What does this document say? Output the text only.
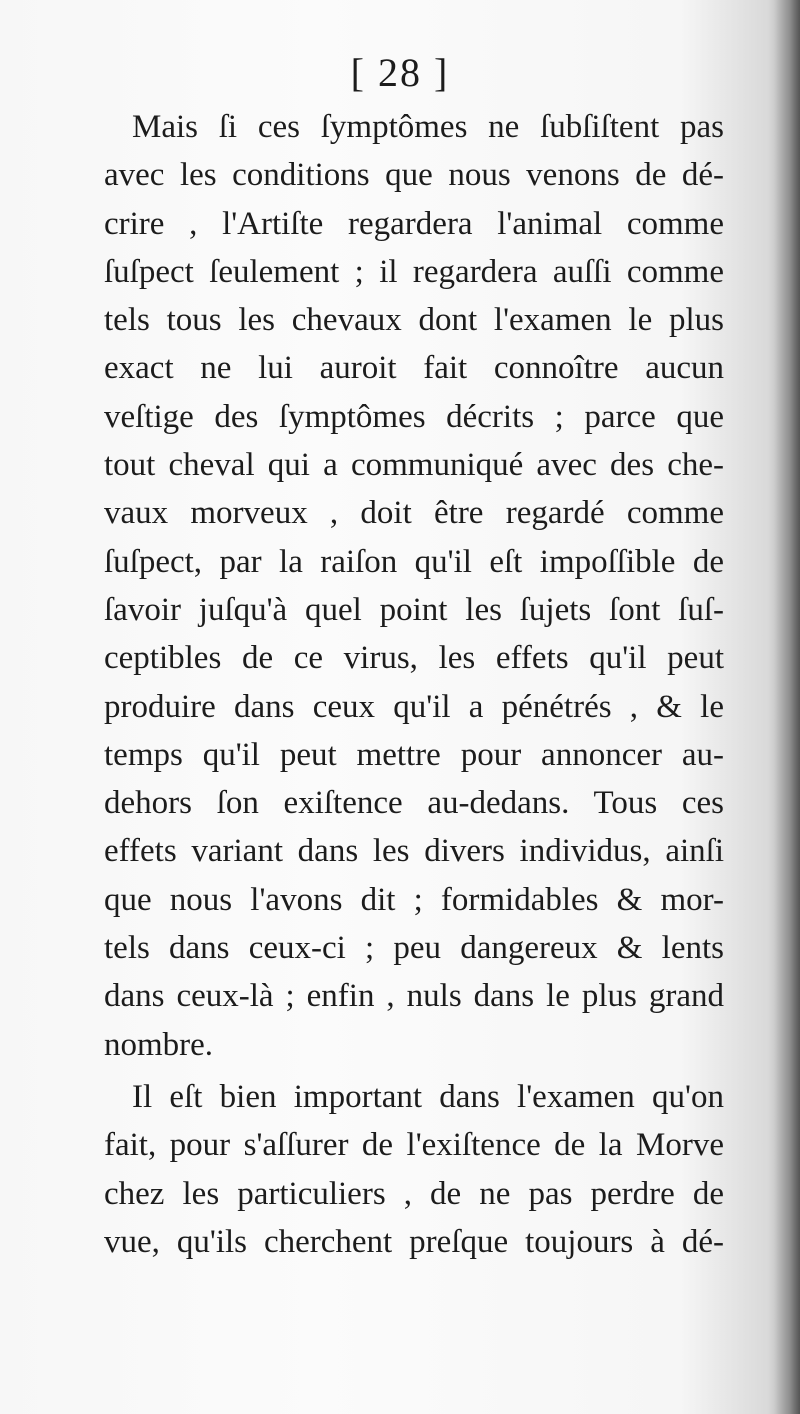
[ 28 ]
Mais ſi ces ſymptômes ne ſubſiſtent pas
avec les conditions que nous venons de dé-
crire , l'Artiſte regardera l'animal comme
ſuſpect ſeulement ; il regardera auſſi comme
tels tous les chevaux dont l'examen le plus
exact ne lui auroit fait connoître aucun
veſtige des ſymptômes décrits ; parce que
tout cheval qui a communiqué avec des che-
vaux morveux , doit être regardé comme
ſuſpect, par la raiſon qu'il eſt impoſſible de
ſavoir juſqu'à quel point les ſujets ſont ſuſ-
ceptibles de ce virus, les effets qu'il peut
produire dans ceux qu'il a pénétrés , & le
temps qu'il peut mettre pour annoncer au-
dehors ſon exiſtence au-dedans. Tous ces
effets variant dans les divers individus, ainſi
que nous l'avons dit ; formidables & mor-
tels dans ceux-ci ; peu dangereux & lents
dans ceux-là ; enfin , nuls dans le plus grand
nombre.
Il eſt bien important dans l'examen qu'on
fait, pour s'aſſurer de l'exiſtence de la Morve
chez les particuliers , de ne pas perdre de
vue, qu'ils cherchent preſque toujours à dé-
